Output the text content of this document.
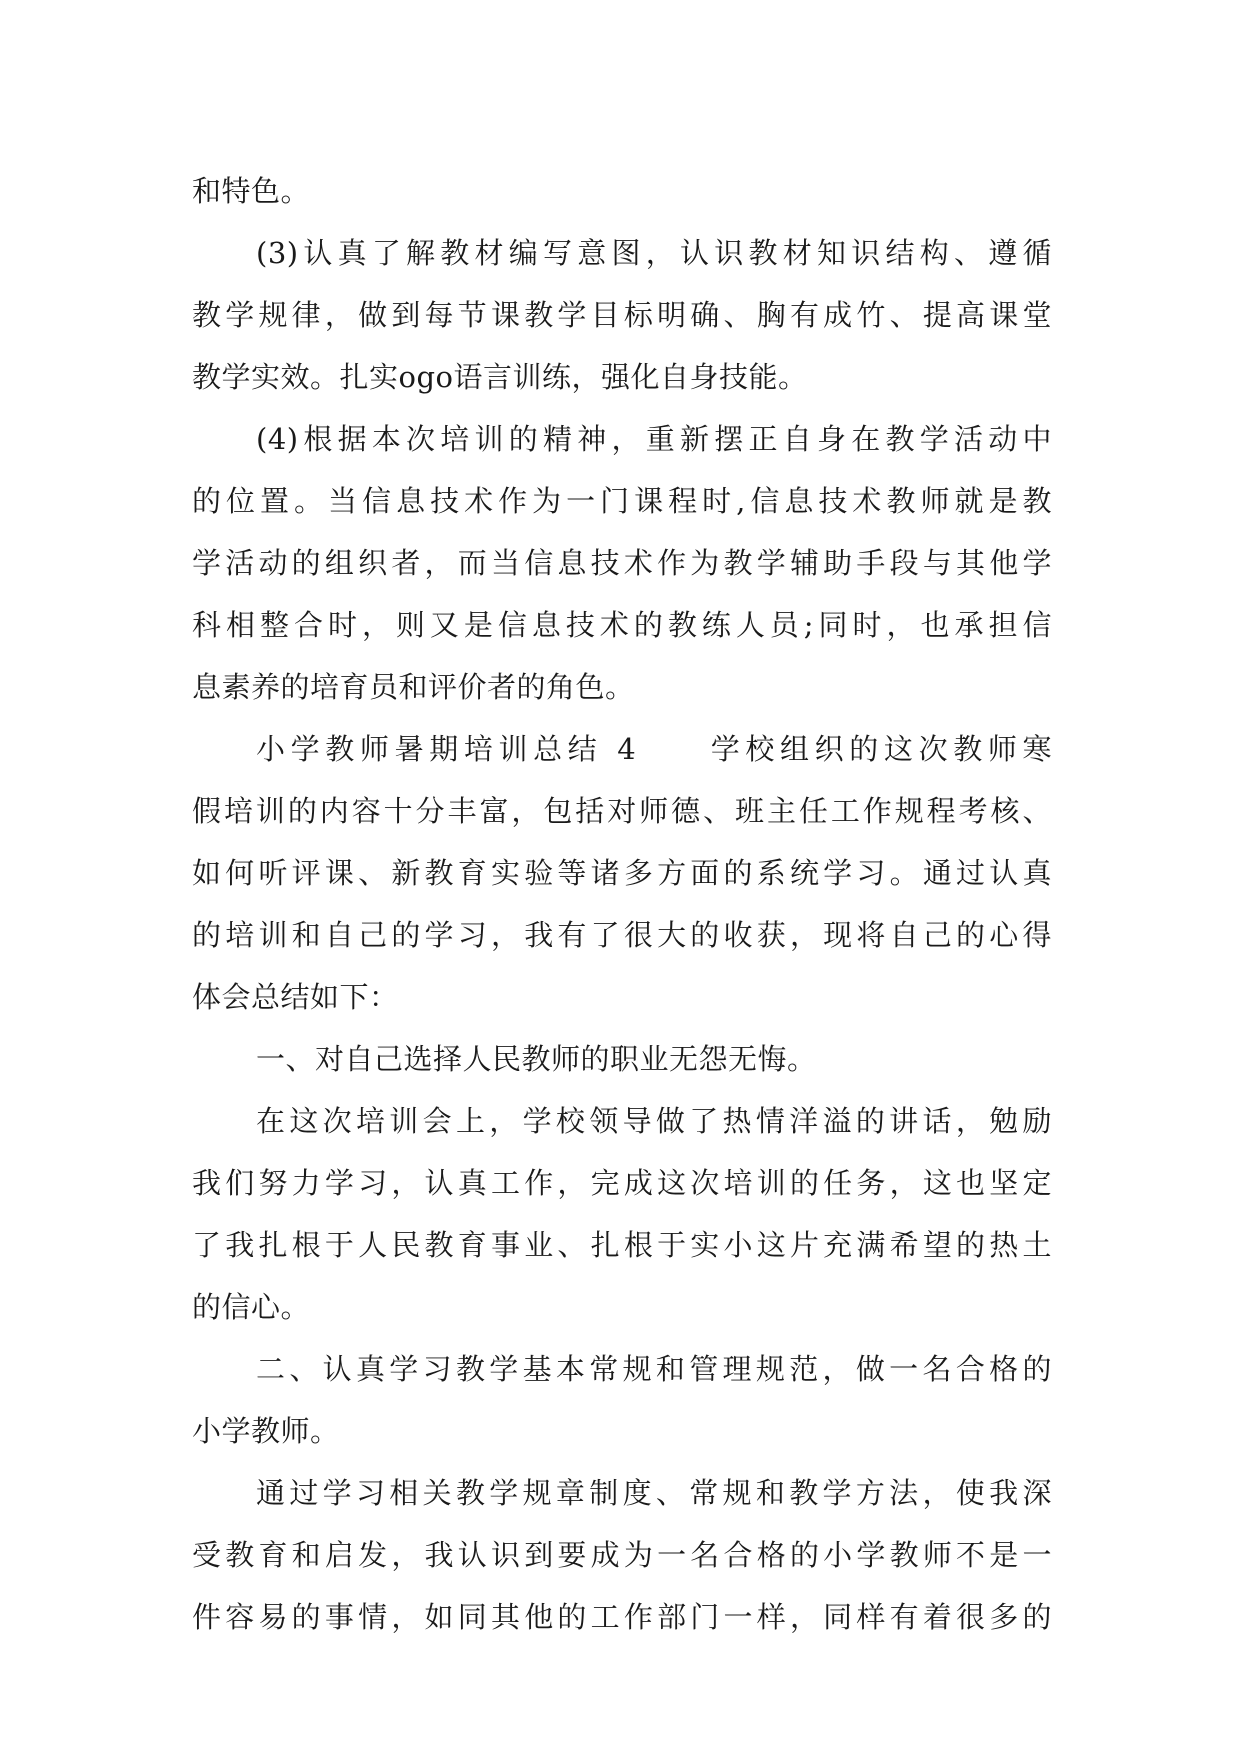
和特色。
(3)认真了解教材编写意图，认识教材知识结构、遵循
教学规律，做到每节课教学目标明确、胸有成竹、提高课堂
教学实效。扎实ogo语言训练，强化自身技能。
(4)根据本次培训的精神，重新摆正自身在教学活动中
的位置。当信息技术作为一门课程时,信息技术教师就是教
学活动的组织者，而当信息技术作为教学辅助手段与其他学
科相整合时，则又是信息技术的教练人员;同时，也承担信
息素养的培育员和评价者的角色。
小学教师暑期培训总结 4　　学校组织的这次教师寒
假培训的内容十分丰富，包括对师德、班主任工作规程考核、
如何听评课、新教育实验等诸多方面的系统学习。通过认真
的培训和自己的学习，我有了很大的收获，现将自己的心得
体会总结如下：
一、对自己选择人民教师的职业无怨无悔。
在这次培训会上，学校领导做了热情洋溢的讲话，勉励
我们努力学习，认真工作，完成这次培训的任务，这也坚定
了我扎根于人民教育事业、扎根于实小这片充满希望的热土
的信心。
二、认真学习教学基本常规和管理规范，做一名合格的
小学教师。
通过学习相关教学规章制度、常规和教学方法，使我深
受教育和启发，我认识到要成为一名合格的小学教师不是一
件容易的事情，如同其他的工作部门一样，同样有着很多的
